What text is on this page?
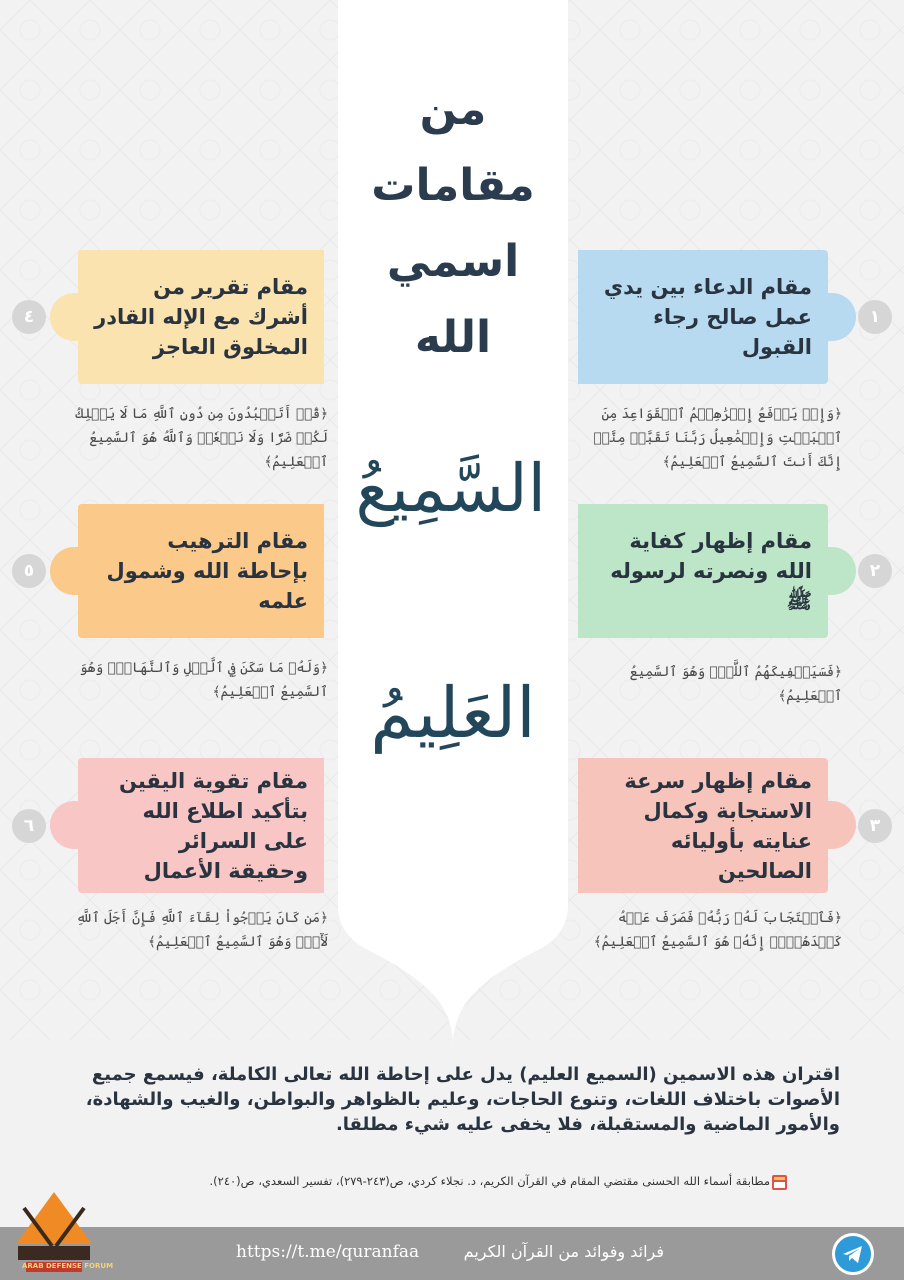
من
مقامات
اسمي
الله
السَّمِيعُ
العَلِيمُ
مقام الدعاء بين يدي عمل صالح رجاء القبول
١
﴿وَإِذۡ يَرۡفَعُ إِبۡرَٰهِـۧمُ ٱلۡقَوَاعِدَ مِنَ ٱلۡبَيۡتِ وَإِسۡمَٰعِيلُ رَبَّنَا تَقَبَّلۡ مِنَّآۖ إِنَّكَ أَنتَ ٱلسَّمِيعُ ٱلۡعَلِيمُ﴾
مقام إظهار كفاية الله ونصرته لرسوله ﷺ
٢
﴿فَسَيَكۡفِيكَهُمُ ٱللَّهُۚ وَهُوَ ٱلسَّمِيعُ ٱلۡعَلِيمُ﴾
مقام إظهار سرعة الاستجابة وكمال عنايته بأوليائه الصالحين
٣
﴿فَٱسۡتَجَابَ لَهُۥ رَبُّهُۥ فَصَرَفَ عَنۡهُ كَيۡدَهُنَّۚ إِنَّهُۥ هُوَ ٱلسَّمِيعُ ٱلۡعَلِيمُ﴾
مقام تقرير من أشرك مع الإله القادر المخلوق العاجز
٤
﴿قُلۡ أَتَعۡبُدُونَ مِن دُونِ ٱللَّهِ مَا لَا يَمۡلِكُ لَكُمۡ ضَرّٗا وَلَا نَفۡعٗاۚ وَٱللَّهُ هُوَ ٱلسَّمِيعُ ٱلۡعَلِيمُ﴾
مقام الترهيب بإحاطة الله وشمول علمه
٥
﴿وَلَهُۥ مَا سَكَنَ فِي ٱلَّيۡلِ وَٱلنَّهَارِۚ وَهُوَ ٱلسَّمِيعُ ٱلۡعَلِيمُ﴾
مقام تقوية اليقين بتأكيد اطلاع الله على السرائر وحقيقة الأعمال
٦
﴿مَن كَانَ يَرۡجُواْ لِقَآءَ ٱللَّهِ فَإِنَّ أَجَلَ ٱللَّهِ لَأٓتٖۚ وَهُوَ ٱلسَّمِيعُ ٱلۡعَلِيمُ﴾

اقتران هذه الاسمين (السميع العليم) يدل على إحاطة الله تعالى الكاملة، فيسمع جميع الأصوات باختلاف اللغات، وتنوع الحاجات، وعليم بالظواهر والبواطن، والغيب والشهادة، والأمور الماضية والمستقبلة، فلا يخفى عليه شيء مطلقا.

مطابقة أسماء الله الحسنى مقتضي المقام في القرآن الكريم، د. نجلاء كردي، ص(٢٤٣-٢٧٩)، تفسير السعدي، ص(٢٤٠).
https://t.me/quranfaa	فرائد وفوائد من القرآن الكريم
ARAB DEFENSE FORUM
